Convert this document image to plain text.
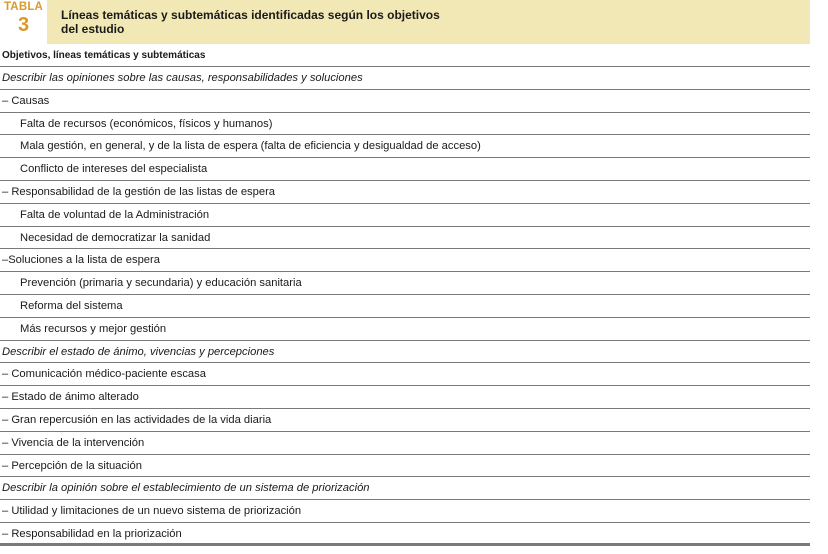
TABLA
3	Líneas temáticas y subtemáticas identificadas según los objetivos del estudio
Objetivos, líneas temáticas y subtemáticas
Describir las opiniones sobre las causas, responsabilidades y soluciones
– Causas
Falta de recursos (económicos, físicos y humanos)
Mala gestión, en general, y de la lista de espera (falta de eficiencia y desigualdad de acceso)
Conflicto de intereses del especialista
– Responsabilidad de la gestión de las listas de espera
Falta de voluntad de la Administración
Necesidad de democratizar la sanidad
–Soluciones a la lista de espera
Prevención (primaria y secundaria) y educación sanitaria
Reforma del sistema
Más recursos y mejor gestión
Describir el estado de ánimo, vivencias y percepciones
– Comunicación médico-paciente escasa
– Estado de ánimo alterado
– Gran repercusión en las actividades de la vida diaria
– Vivencia de la intervención
– Percepción de la situación
Describir la opinión sobre el establecimiento de un sistema de priorización
– Utilidad y limitaciones de un nuevo sistema de priorización
– Responsabilidad en la priorización
